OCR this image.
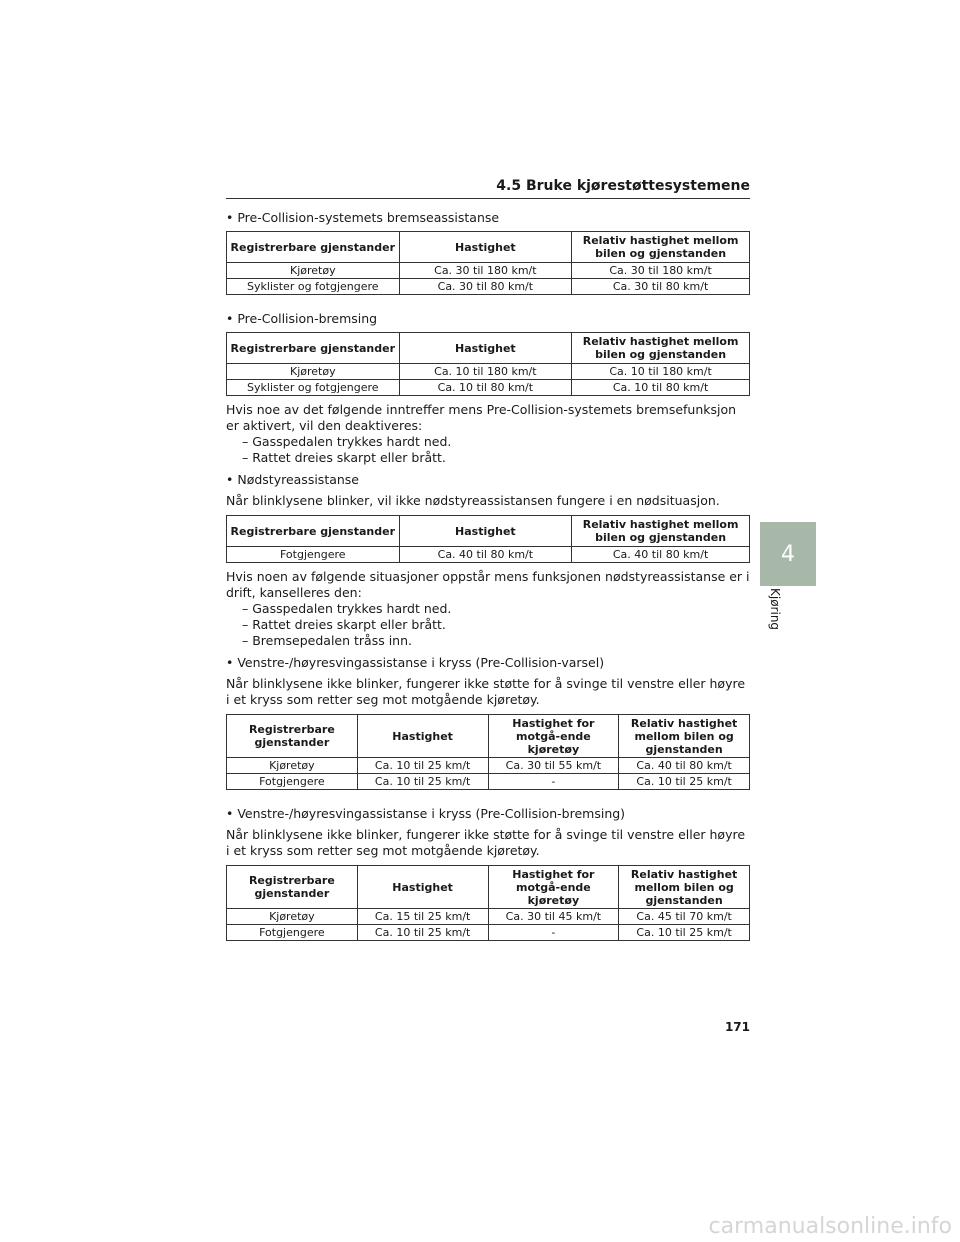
4.5 Bruke kjørestøttesystemene

• Pre-Collision-systemets bremseassistanse

Registrerbare gjenstander	Hastighet	Relativ hastighet mellom bilen og gjenstanden
Kjøretøy	Ca. 30 til 180 km/t	Ca. 30 til 180 km/t
Syklister og fotgjengere	Ca. 30 til 80 km/t	Ca. 30 til 80 km/t

• Pre-Collision-bremsing

Registrerbare gjenstander	Hastighet	Relativ hastighet mellom bilen og gjenstanden
Kjøretøy	Ca. 10 til 180 km/t	Ca. 10 til 180 km/t
Syklister og fotgjengere	Ca. 10 til 80 km/t	Ca. 10 til 80 km/t

Hvis noe av det følgende inntreffer mens Pre-Collision-systemets bremsefunksjon er aktivert, vil den deaktiveres:

– Gasspedalen trykkes hardt ned.

– Rattet dreies skarpt eller brått.

• Nødstyreassistanse

Når blinklysene blinker, vil ikke nødstyreassistansen fungere i en nødsituasjon.

Registrerbare gjenstander	Hastighet	Relativ hastighet mellom bilen og gjenstanden
Fotgjengere	Ca. 40 til 80 km/t	Ca. 40 til 80 km/t

Hvis noen av følgende situasjoner oppstår mens funksjonen nødstyreassistanse er i drift, kanselleres den:

– Gasspedalen trykkes hardt ned.

– Rattet dreies skarpt eller brått.

– Bremsepedalen tråss inn.

• Venstre-/høyresvingassistanse i kryss (Pre-Collision-varsel)

Når blinklysene ikke blinker, fungerer ikke støtte for å svinge til venstre eller høyre i et kryss som retter seg mot motgående kjøretøy.

Registrerbare gjenstander	Hastighet	Hastighet for motgå-ende kjøretøy	Relativ hastighet mellom bilen og gjenstanden
Kjøretøy	Ca. 10 til 25 km/t	Ca. 30 til 55 km/t	Ca. 40 til 80 km/t
Fotgjengere	Ca. 10 til 25 km/t	-	Ca. 10 til 25 km/t

• Venstre-/høyresvingassistanse i kryss (Pre-Collision-bremsing)

Når blinklysene ikke blinker, fungerer ikke støtte for å svinge til venstre eller høyre i et kryss som retter seg mot motgående kjøretøy.

Registrerbare gjenstander	Hastighet	Hastighet for motgå-ende kjøretøy	Relativ hastighet mellom bilen og gjenstanden
Kjøretøy	Ca. 15 til 25 km/t	Ca. 30 til 45 km/t	Ca. 45 til 70 km/t
Fotgjengere	Ca. 10 til 25 km/t	-	Ca. 10 til 25 km/t
4
Kjøring
171
carmanualsonline.info
